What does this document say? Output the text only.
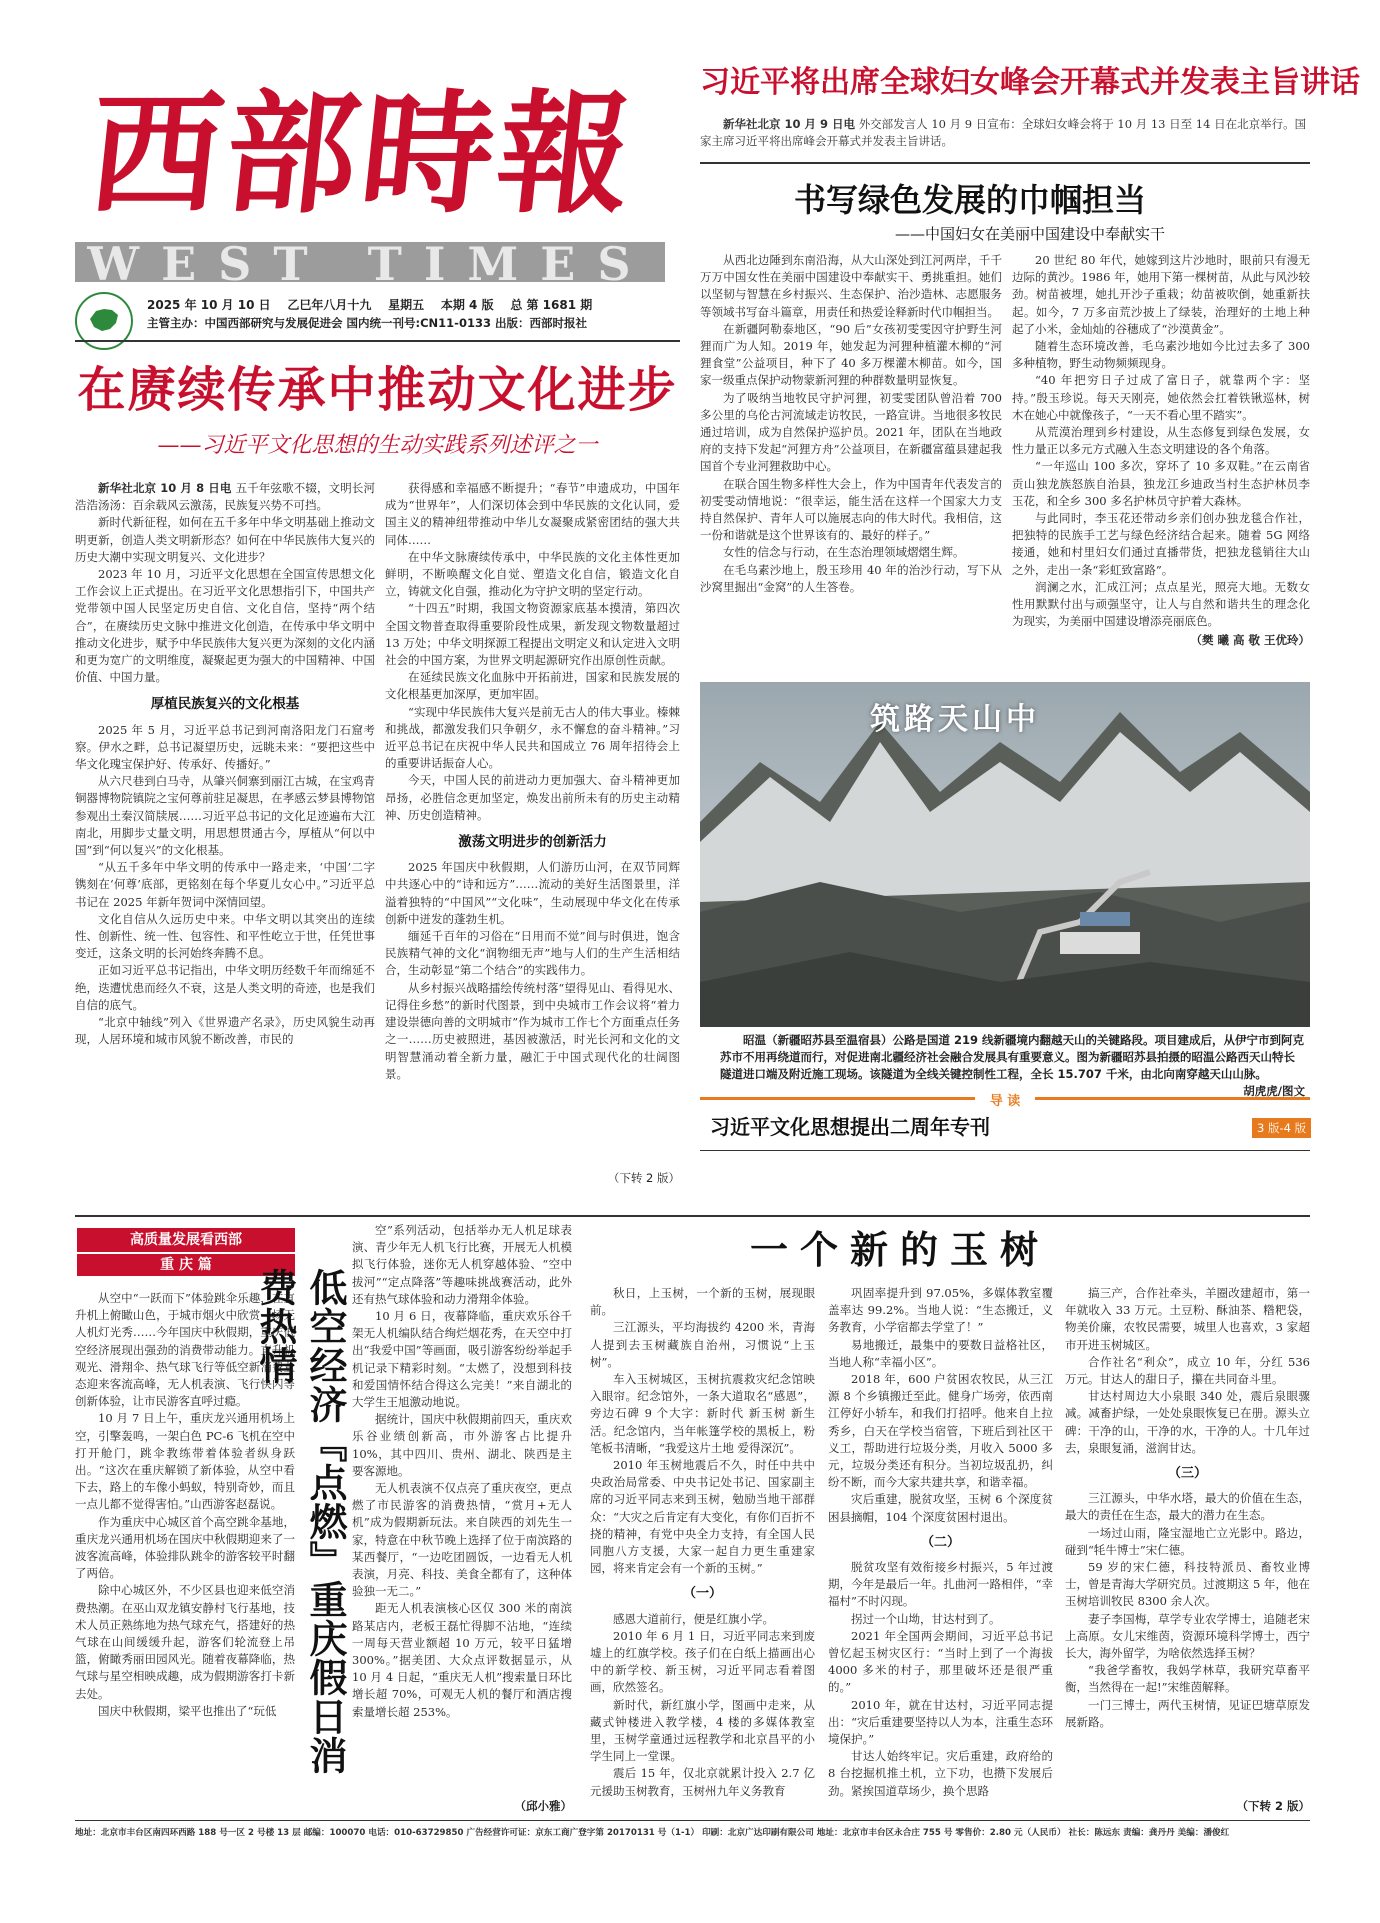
西部時報
WEST TIMES
2025 年 10 月 10 日 乙巳年八月十九 星期五 本期 4 版 总 第 1681 期
主管主办：中国西部研究与发展促进会 国内统一刊号:CN11-0133 出版：西部时报社
习近平将出席全球妇女峰会开幕式并发表主旨讲话
新华社北京 10 月 9 日电 外交部发言人 10 月 9 日宣布：全球妇女峰会将于 10 月 13 日至 14 日在北京举行。国家主席习近平将出席峰会开幕式并发表主旨讲话。
书写绿色发展的巾帼担当
——中国妇女在美丽中国建设中奉献实干

从西北边陲到东南沿海，从大山深处到江河两岸，千千万万中国女性在美丽中国建设中奉献实干、勇挑重担。她们以坚韧与智慧在乡村振兴、生态保护、治沙造林、志愿服务等领域书写奋斗篇章，用责任和热爱诠释新时代巾帼担当。

在新疆阿勒泰地区，“90 后”女孩初雯雯因守护野生河狸而广为人知。2019 年，她发起为河狸种植灌木柳的“河狸食堂”公益项目，种下了 40 多万棵灌木柳苗。如今，国家一级重点保护动物蒙新河狸的种群数量明显恢复。

为了吸纳当地牧民守护河狸，初雯雯团队曾沿着 700 多公里的乌伦古河流域走访牧民，一路宣讲。当地很多牧民通过培训，成为自然保护巡护员。2021 年，团队在当地政府的支持下发起“河狸方舟”公益项目，在新疆富蕴县建起我国首个专业河狸救助中心。

在联合国生物多样性大会上，作为中国青年代表发言的初雯雯动情地说：“很幸运，能生活在这样一个国家大力支持自然保护、青年人可以施展志向的伟大时代。我相信，这一份和谐就是这个世界该有的、最好的样子。”

女性的信念与行动，在生态治理领域熠熠生辉。

在毛乌素沙地上，殷玉珍用 40 年的治沙行动，写下从沙窝里掘出“金窝”的人生答卷。

20 世纪 80 年代，她嫁到这片沙地时，眼前只有漫无边际的黄沙。1986 年，她用下第一棵树苗，从此与风沙较劲。树苗被埋，她扎开沙子重栽；幼苗被吹倒，她重新扶起。如今，7 万多亩荒沙披上了绿装，治理好的土地上种起了小米，金灿灿的谷穗成了“沙漠黄金”。

随着生态环境改善，毛乌素沙地如今比过去多了 300 多种植物，野生动物频频现身。

“40 年把穷日子过成了富日子，就靠两个字：坚持。”殷玉珍说。每天天刚亮，她依然会扛着铁锹巡林，树木在她心中就像孩子，“一天不看心里不踏实”。

从荒漠治理到乡村建设，从生态修复到绿色发展，女性力量正以多元方式融入生态文明建设的各个角落。

“一年巡山 100 多次，穿坏了 10 多双鞋。”在云南省贡山独龙族怒族自治县，独龙江乡迪政当村生态护林员李玉花，和全乡 300 多名护林员守护着大森林。

与此同时，李玉花还带动乡亲们创办独龙毯合作社，把独特的民族手工艺与绿色经济结合起来。随着 5G 网络接通，她和村里妇女们通过直播带货，把独龙毯销往大山之外，走出一条“彩虹致富路”。

润澜之水，汇成江河；点点星光，照亮大地。无数女性用默默付出与顽强坚守，让人与自然和谐共生的理念化为现实，为美丽中国建设增添亮丽底色。

（樊 曦 高 敬 王优玲）
在赓续传承中推动文化进步
——习近平文化思想的生动实践系列述评之一

新华社北京 10 月 8 日电 五千年弦歌不辍，文明长河浩浩汤汤：百余载风云激荡，民族复兴势不可挡。

新时代新征程，如何在五千多年中华文明基础上推动文明更新，创造人类文明新形态？如何在中华民族伟大复兴的历史大潮中实现文明复兴、文化进步？

2023 年 10 月，习近平文化思想在全国宣传思想文化工作会议上正式提出。在习近平文化思想指引下，中国共产党带领中国人民坚定历史自信、文化自信，坚持“两个结合”，在赓续历史文脉中推进文化创造，在传承中华文明中推动文化进步，赋予中华民族伟大复兴更为深刻的文化内涵和更为宽广的文明维度，凝聚起更为强大的中国精神、中国价值、中国力量。

厚植民族复兴的文化根基

2025 年 5 月，习近平总书记到河南洛阳龙门石窟考察。伊水之畔，总书记凝望历史，远眺未来：“要把这些中华文化瑰宝保护好、传承好、传播好。”

从六尺巷到白马寺，从肇兴侗寨到丽江古城，在宝鸡青铜器博物院镇院之宝何尊前驻足凝思，在孝感云梦县博物馆参观出土秦汉简牍展……习近平总书记的文化足迹遍布大江南北，用脚步丈量文明，用思想贯通古今，厚植从“何以中国”到“何以复兴”的文化根基。

“从五千多年中华文明的传承中一路走来，‘中国’二字镌刻在‘何尊’底部，更铭刻在每个华夏儿女心中。”习近平总书记在 2025 年新年贺词中深情回望。

文化自信从久远历史中来。中华文明以其突出的连续性、创新性、统一性、包容性、和平性屹立于世，任凭世事变迁，这条文明的长河始终奔腾不息。

正如习近平总书记指出，中华文明历经数千年而绵延不绝，迭遭忧患而经久不衰，这是人类文明的奇迹，也是我们自信的底气。

“北京中轴线”列入《世界遗产名录》，历史风貌生动再现，人居环境和城市风貌不断改善，市民的

获得感和幸福感不断提升；“春节”申遗成功，中国年成为“世界年”，人们深切体会到中华民族的文化认同，爱国主义的精神纽带推动中华儿女凝聚成紧密团结的强大共同体……

在中华文脉赓续传承中，中华民族的文化主体性更加鲜明，不断唤醒文化自觉、塑造文化自信，锻造文化自立，铸就文化自强，推动化为守护文明的坚定行动。

“十四五”时期，我国文物资源家底基本摸清，第四次全国文物普查取得重要阶段性成果，新发现文物数量超过 13 万处；中华文明探源工程提出文明定义和认定进入文明社会的中国方案，为世界文明起源研究作出原创性贡献。

在延续民族文化血脉中开拓前进，国家和民族发展的文化根基更加深厚，更加牢固。

“实现中华民族伟大复兴是前无古人的伟大事业。榛棘和挑战，都激发我们只争朝夕，永不懈怠的奋斗精神。”习近平总书记在庆祝中华人民共和国成立 76 周年招待会上的重要讲话振奋人心。

今天，中国人民的前进动力更加强大、奋斗精神更加昂扬，必胜信念更加坚定，焕发出前所未有的历史主动精神、历史创造精神。

激荡文明进步的创新活力

2025 年国庆中秋假期，人们游历山河，在双节同辉中共逐心中的“诗和远方”……流动的美好生活图景里，洋溢着独特的“中国风”“文化味”，生动展现中华文化在传承创新中迸发的蓬勃生机。

缅延千百年的习俗在“日用而不觉”间与时俱进，饱含民族精气神的文化“润物细无声”地与人们的生产生活相结合，生动彰显“第二个结合”的实践伟力。

从乡村振兴战略擂绘传统村落“望得见山、看得见水、记得住乡愁”的新时代图景，到中央城市工作会议将“着力建设崇德向善的文明城市”作为城市工作七个方面重点任务之一……历史被照进，基因被激活，时光长河和文化的文明智慧涌动着全新力量，融汇于中国式现代化的壮阔图景。

（下转 2 版）
筑路天山中
昭温（新疆昭苏县至温宿县）公路是国道 219 线新疆境内翻越天山的关键路段。项目建成后，从伊宁市到阿克苏市不用再绕道而行，对促进南北疆经济社会融合发展具有重要意义。图为新疆昭苏县拍摄的昭温公路西天山特长隧道进口端及附近施工现场。该隧道为全线关键控制性工程，全长 15.707 千米，由北向南穿越天山山脉。
胡虎虎/图文
导 读
习近平文化思想提出二周年专刊	3 版-4 版
高质量发展看西部
重 庆 篇

从空中“一跃而下”体验跳伞乐趣，在直升机上俯瞰山色，于城市烟火中欣赏一场无人机灯光秀……今年国庆中秋假期，重庆低空经济展现出强劲的消费带动能力。直升机观光、滑翔伞、热气球飞行等低空新消费业态迎来客流高峰，无人机表演、飞行快闪等创新体验，让市民游客直呼过瘾。

10 月 7 日上午，重庆龙兴通用机场上空，引擎轰鸣，一架白色 PC-6 飞机在空中打开舱门，跳伞教练带着体验者纵身跃出。“这次在重庆解锁了新体验，从空中看下去，路上的车像小蚂蚁，特别奇妙，而且一点儿都不觉得害怕。”山西游客赵磊说。

作为重庆中心城区首个高空跳伞基地，重庆龙兴通用机场在国庆中秋假期迎来了一波客流高峰，体验排队跳伞的游客较平时翻了两倍。

除中心城区外，不少区县也迎来低空消费热潮。在巫山双龙镇安静村飞行基地，技术人员正熟练地为热气球充气，搭建好的热气球在山间缓缓升起，游客们轮流登上吊篮，俯瞰秀丽田园风光。随着夜幕降临，热气球与星空相映成趣，成为假期游客打卡新去处。

国庆中秋假期，梁平也推出了“玩低 低空经济『点燃』重庆假日消费热情

空”系列活动，包括举办无人机足球表演、青少年无人机飞行比赛，开展无人机模拟飞行体验，迷你无人机穿越体验、“空中拔河”“定点降落”等趣味挑战赛活动，此外还有热气球体验和动力滑翔伞体验。

10 月 6 日，夜幕降临，重庆欢乐谷千架无人机编队结合绚烂烟花秀，在天空中打出“我爱中国”等画面，吸引游客纷纷举起手机记录下精彩时刻。“太燃了，没想到科技和爱国情怀结合得这么完美！”来自湖北的大学生王旭激动地说。

据统计，国庆中秋假期前四天，重庆欢乐谷业绩创新高，市外游客占比提升 10%，其中四川、贵州、湖北、陕西是主要客源地。

无人机表演不仅点亮了重庆夜空，更点燃了市民游客的消费热情，“赏月+无人机”成为假期新玩法。来自陕西的刘先生一家，特意在中秋节晚上选择了位于南滨路的某西餐厅，“一边吃团圆饭，一边看无人机表演，月亮、科技、美食全都有了，这种体验独一无二。”

距无人机表演核心区仅 300 米的南滨路某店内，老板王磊忙得脚不沾地，“连续一周每天营业额超 10 万元，较平日猛增 300%。”据美团、大众点评数据显示，从 10 月 4 日起，“重庆无人机”搜索量日环比增长超 70%，可观无人机的餐厅和酒店搜索量增长超 253%。

（邱小雅）
一个新的玉树

秋日，上玉树，一个新的玉树，展现眼前。

三江源头，平均海拔约 4200 米，青海人提到去玉树藏族自治州，习惯说“上玉树”。

车入玉树城区，玉树抗震救灾纪念馆映入眼帘。纪念馆外，一条大道取名“感恩”，旁边石碑 9 个大字：新时代 新玉树 新生活。纪念馆内，当年帐篷学校的黑板上，粉笔板书清晰，“我爱这片土地 爱得深沉”。

2010 年玉树地震后不久，时任中共中央政治局常委、中央书记处书记、国家副主席的习近平同志来到玉树，勉励当地干部群众：“大灾之后肯定有大变化，有你们百折不挠的精神，有党中央全力支持，有全国人民同胞八方支援，大家一起自力更生重建家园，将来肯定会有一个新的玉树。”

（一）

感恩大道前行，便是红旗小学。

2010 年 6 月 1 日，习近平同志来到废墟上的红旗学校。孩子们在白纸上描画出心中的新学校、新玉树，习近平同志看着图画，欣然签名。

新时代，新红旗小学，图画中走来，从藏式钟楼进入教学楼，4 楼的多媒体教室里，玉树学童通过远程教学和北京昌平的小学生同上一堂课。

震后 15 年，仅北京就累计投入 2.7 亿元援助玉树教育，玉树州九年义务教育

巩固率提升到 97.05%，多媒体教室覆盖率达 99.2%。当地人说：“生态搬迁，义务教育，小学宿都去学堂了！”

易地搬迁，最集中的要数日益格社区，当地人称“幸福小区”。

2018 年，600 户贫困农牧民，从三江源 8 个乡镇搬迁至此。健身广场旁，依西南江停好小轿车，和我们打招呼。他来自上拉秀乡，白天在学校当宿管，下班后到社区干义工，帮助进行垃圾分类，月收入 5000 多元，垃圾分类还有积分。当初垃圾乱扔，纠纷不断，而今大家共建共享，和谐幸福。

灾后重建，脱贫攻坚，玉树 6 个深度贫困县摘帽，104 个深度贫困村退出。

（二）

脱贫攻坚有效衔接乡村振兴，5 年过渡期，今年是最后一年。扎曲河一路相伴，“幸福村”不时闪现。

拐过一个山坳，甘达村到了。

2021 年全国两会期间，习近平总书记曾忆起玉树灾区行：“当时上到了一个海拔 4000 多米的村子，那里破坏还是很严重的。”

2010 年，就在甘达村，习近平同志提出：“灾后重建要坚持以人为本，注重生态环境保护。”

甘达人始终牢记。灾后重建，政府给的 8 台挖掘机推土机，立下功，也攒下发展后劲。紧挨国道草场少，换个思路

搞三产，合作社牵头，羊圈改建超市，第一年就收入 33 万元。土豆粉、酥油茶、糌粑袋，物美价廉，农牧民需要，城里人也喜欢，3 家超市开进玉树城区。

合作社名“利众”，成立 10 年，分红 536 万元。甘达人的甜日子，攥在共同奋斗里。

甘达村周边大小泉眼 340 处，震后泉眼骤减。减畜护绿，一处处泉眼恢复已在册。源头立碑：干净的山，干净的水，干净的人。十几年过去，泉眼复涌，滋润甘达。

（三）

三江源头，中华水塔，最大的价值在生态，最大的责任在生态，最大的潜力在生态。

一场过山雨，隆宝湿地亡立光影中。路边，碰到“牦牛博士”宋仁德。

59 岁的宋仁德，科技特派员、畜牧业博士，曾是青海大学研究员。过渡期这 5 年，他在玉树培训牧民 8300 余人次。

妻子李国梅，草学专业农学博士，追随老宋上高原。女儿宋维茵，资源环境科学博士，西宁长大，海外留学，为啥依然选择玉树？

“我爸学畜牧，我妈学林草，我研究草畜平衡，当然得在一起!”宋维茵解释。

一门三博士，两代玉树情，见证巴塘草原发展新路。

（下转 2 版）
地址：北京市丰台区南四环西路 188 号一区 2 号楼 13 层 邮编：100070 电话：010-63729850 广告经营许可证：京东工商广登字第 20170131 号（1-1） 印刷：北京广达印刷有限公司 地址：北京市丰台区永合庄 755 号 零售价：2.80 元（人民币） 社长：陈远东 责编：龚丹丹 美编：潘俊红
